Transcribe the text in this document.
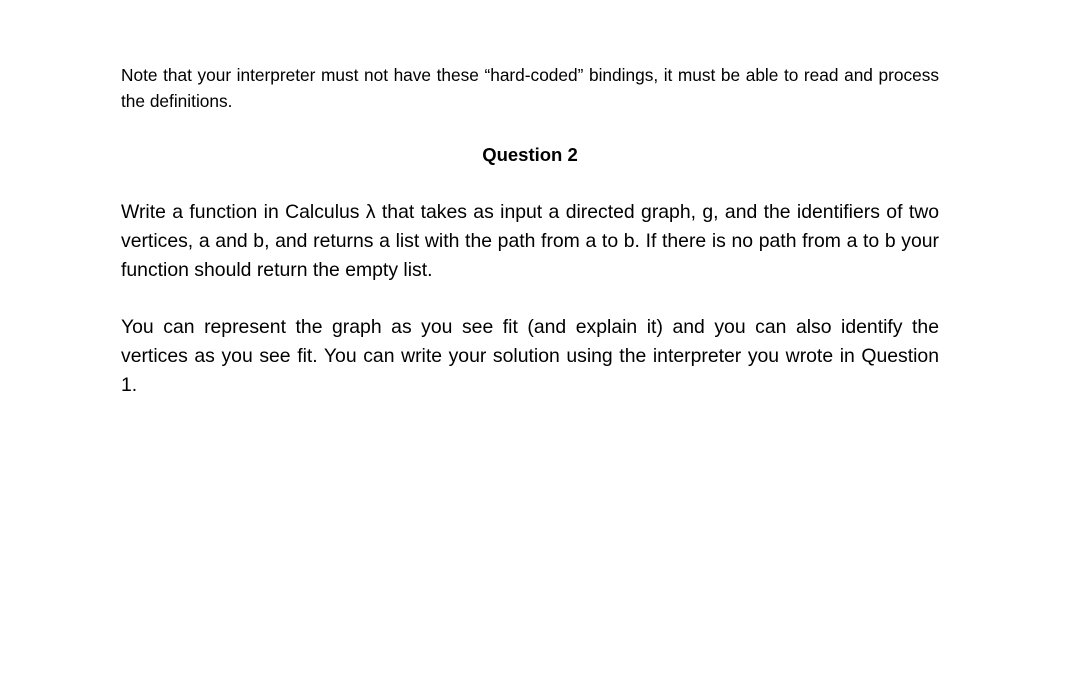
Note that your interpreter must not have these “hard-coded” bindings, it must be able to read and process the definitions.

Question 2

Write a function in Calculus λ that takes as input a directed graph, g, and the identifiers of two vertices, a and b, and returns a list with the path from a to b. If there is no path from a to b your function should return the empty list.

You can represent the graph as you see fit (and explain it) and you can also identify the vertices as you see fit. You can write your solution using the interpreter you wrote in Question 1.
